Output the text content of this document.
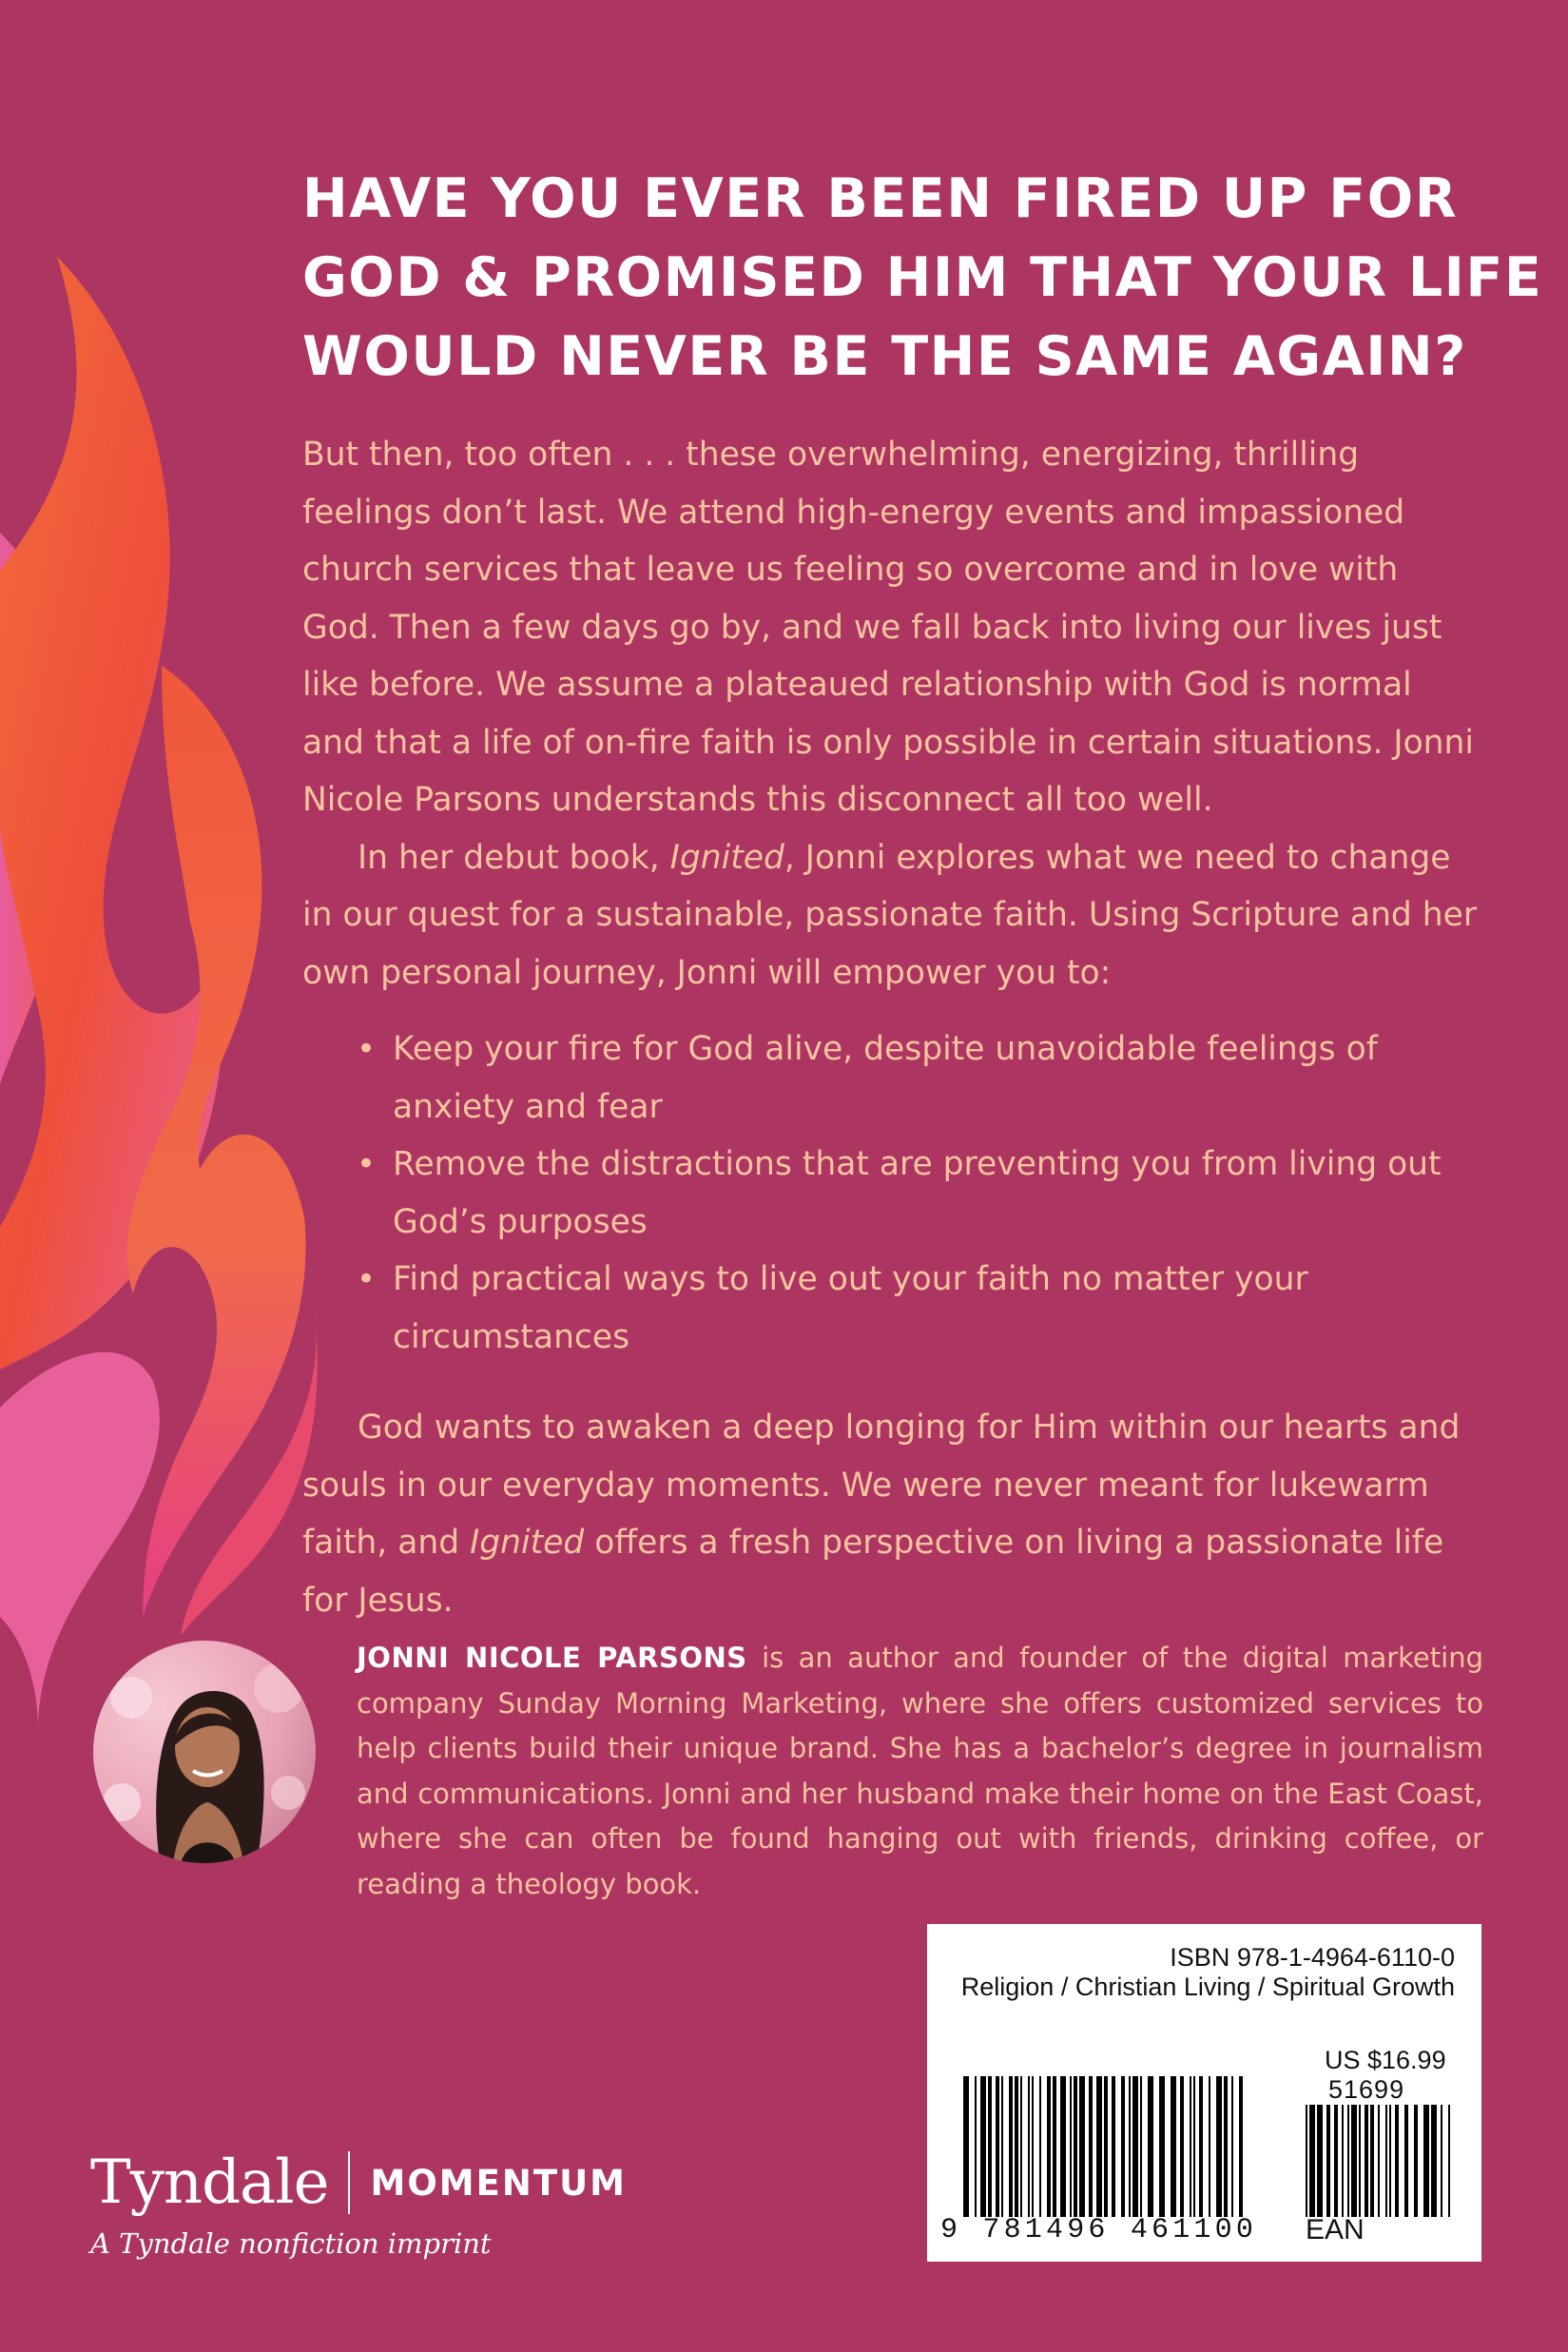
HAVE YOU EVER BEEN FIRED UP FOR
GOD & PROMISED HIM THAT YOUR LIFE
WOULD NEVER BE THE SAME AGAIN?

But then, too often . . . these overwhelming, energizing, thrilling feelings don’t last. We attend high-energy events and impassioned church services that leave us feeling so overcome and in love with God. Then a few days go by, and we fall back into living our lives just like before. We assume a plateaued relationship with God is normal and that a life of on-fire faith is only possible in certain situations. Jonni Nicole Parsons understands this disconnect all too well.

In her debut book, Ignited, Jonni explores what we need to change in our quest for a sustainable, passionate faith. Using Scripture and her own personal journey, Jonni will empower you to:

• Keep your fire for God alive, despite unavoidable feelings of anxiety and fear
• Remove the distractions that are preventing you from living out God’s purposes
• Find practical ways to live out your faith no matter your circumstances

God wants to awaken a deep longing for Him within our hearts and souls in our everyday moments. We were never meant for lukewarm faith, and Ignited offers a fresh perspective on living a passionate life for Jesus.

JONNI NICOLE PARSONS is an author and founder of the digital marketing company Sunday Morning Marketing, where she offers customized services to help clients build their unique brand. She has a bachelor’s degree in journalism and communications. Jonni and her husband make their home on the East Coast, where she can often be found hanging out with friends, drinking coffee, or reading a theology book.

Tyndale MOMENTUM
A Tyndale nonfiction imprint
ISBN 978-1-4964-6110-0
Religion / Christian Living / Spiritual Growth
US $16.99
51699
9 781496 461100 EAN
